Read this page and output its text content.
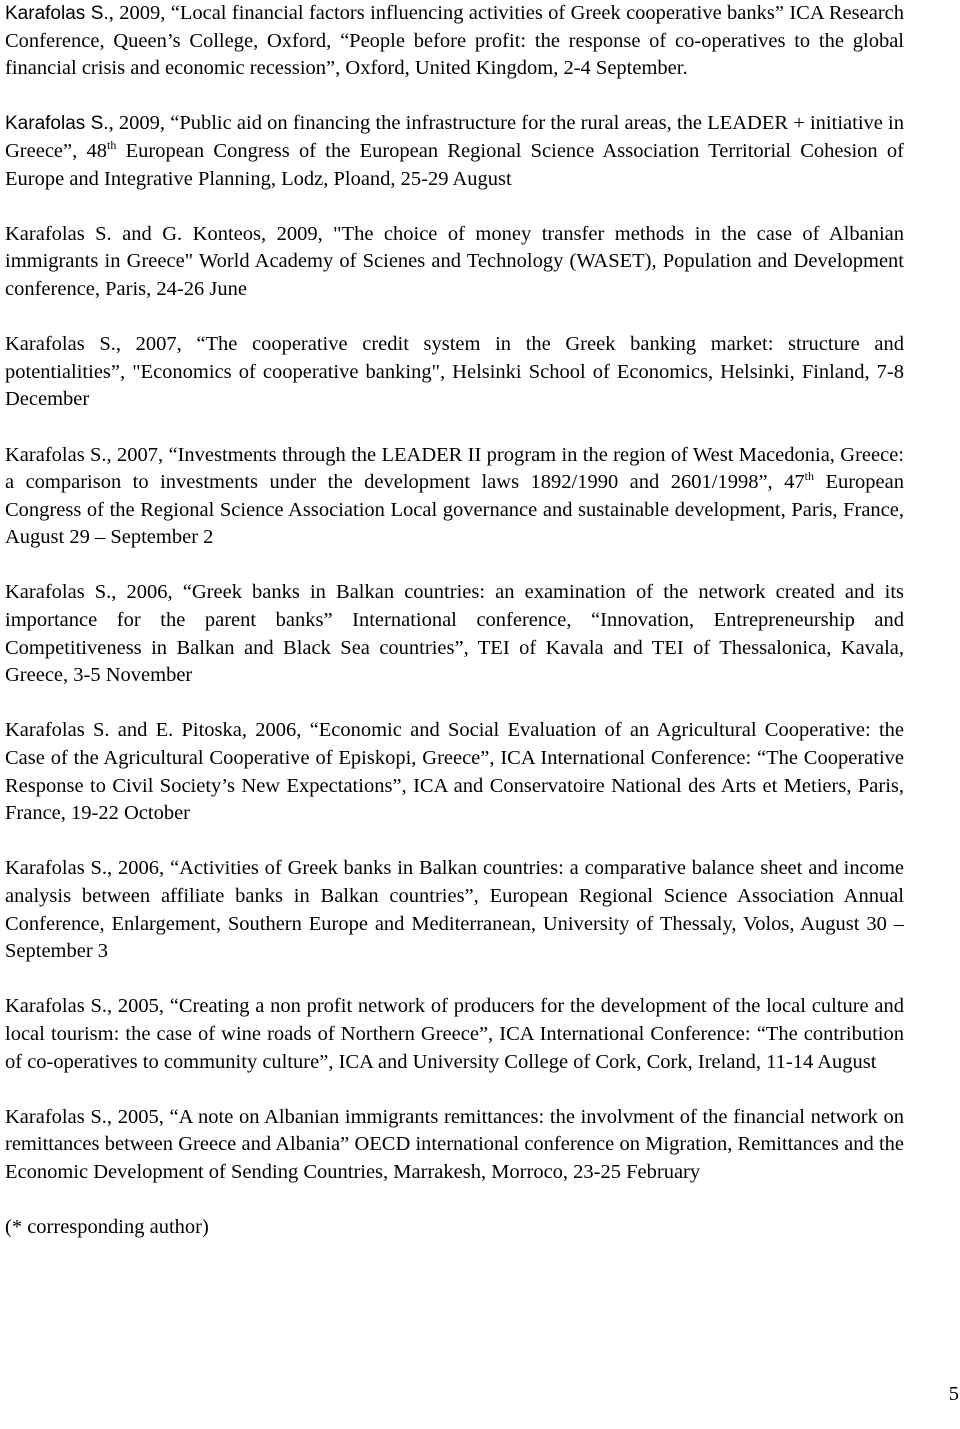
Karafolas S., 2009, “Local financial factors influencing activities of Greek cooperative banks” ICA Research Conference, Queen’s College, Oxford, “People before profit: the response of co-operatives to the global financial crisis and economic recession”, Oxford, United Kingdom, 2-4 September.

Karafolas S., 2009, “Public aid on financing the infrastructure for the rural areas, the LEADER + initiative in Greece”, 48th European Congress of the European Regional Science Association Territorial Cohesion of Europe and Integrative Planning, Lodz, Ploand, 25-29 August

Karafolas S. and G. Konteos, 2009, "The choice of money transfer methods in the case of Albanian immigrants in Greece" World Academy of Scienes and Technology (WASET), Population and Development conference, Paris, 24-26 June

Karafolas S., 2007, “The cooperative credit system in the Greek banking market: structure and potentialities”, "Economics of cooperative banking", Helsinki School of Economics, Helsinki, Finland, 7-8 December

Karafolas S., 2007, “Investments through the LEADER II program in the region of West Macedonia, Greece: a comparison to investments under the development laws 1892/1990 and 2601/1998”, 47th European Congress of the Regional Science Association Local governance and sustainable development, Paris, France, August 29 – September 2

Karafolas S., 2006, “Greek banks in Balkan countries: an examination of the network created and its importance for the parent banks” International conference, “Innovation, Entrepreneurship and Competitiveness in Balkan and Black Sea countries”, TEI of Kavala and TEI of Thessalonica, Kavala, Greece, 3-5 November

Karafolas S. and E. Pitoska, 2006, “Economic and Social Evaluation of an Agricultural Cooperative: the Case of the Agricultural Cooperative of Episkopi, Greece”, ICA International Conference: “The Cooperative Response to Civil Society’s New Expectations”, ICA and Conservatoire National des Arts et Metiers, Paris, France, 19-22 October

Karafolas S., 2006, “Activities of Greek banks in Balkan countries: a comparative balance sheet and income analysis between affiliate banks in Balkan countries”, European Regional Science Association Annual Conference, Enlargement, Southern Europe and Mediterranean, University of Thessaly, Volos, August 30 – September 3

Karafolas S., 2005, “Creating a non profit network of producers for the development of the local culture and local tourism: the case of wine roads of Northern Greece”, ICA International Conference: “The contribution of co-operatives to community culture”, ICA and University College of Cork, Cork, Ireland, 11-14 August

Karafolas S., 2005, “A note on Albanian immigrants remittances: the involvment of the financial network on remittances between Greece and Albania” OECD international conference on Migration, Remittances and the Economic Development of Sending Countries, Marrakesh, Morroco, 23-25 February

(* corresponding author)

5
